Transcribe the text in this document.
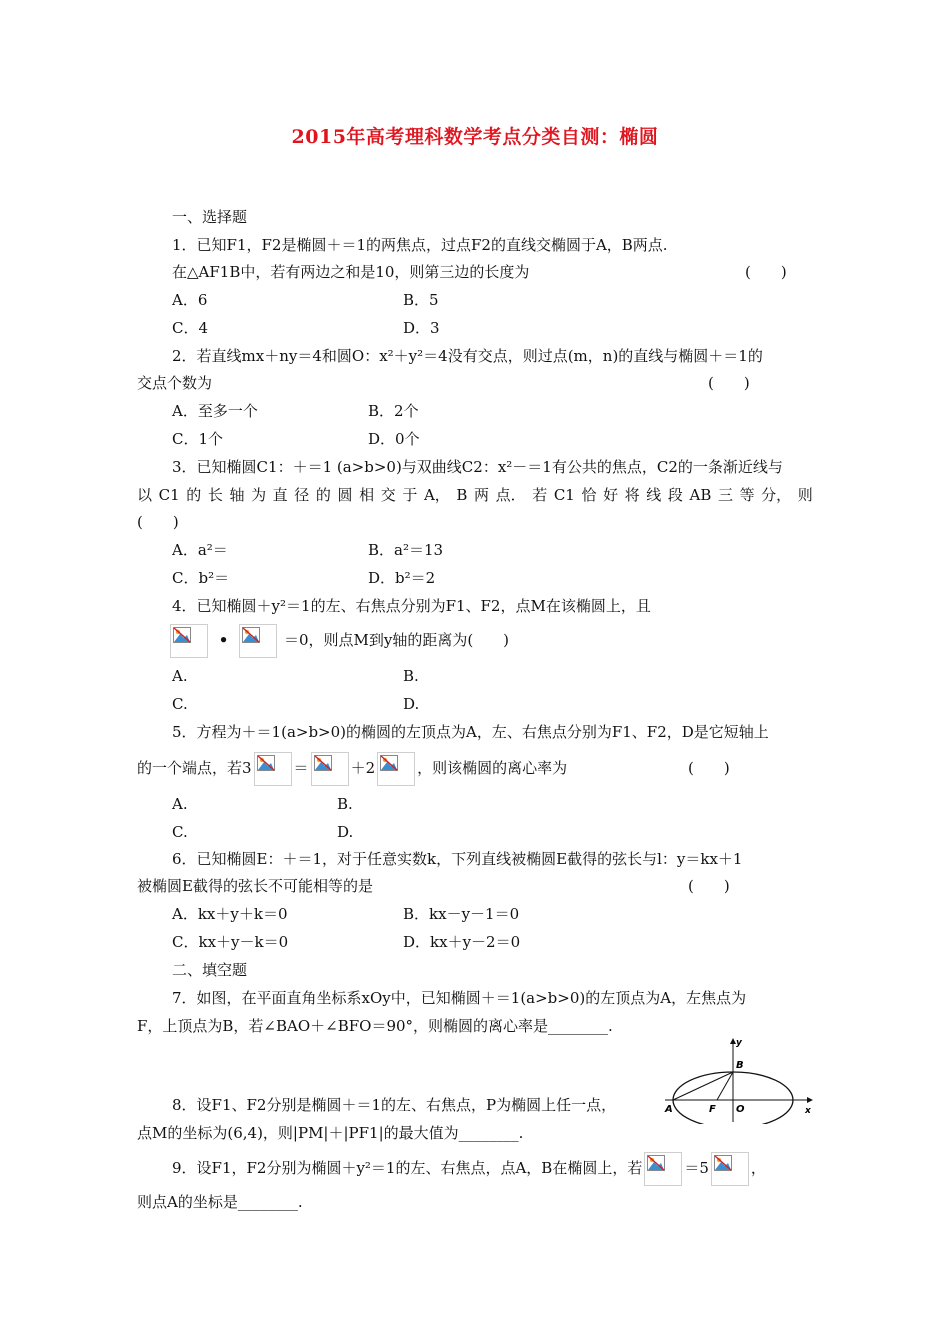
2015年高考理科数学考点分类自测：椭圆
一、选择题
1．已知F1，F2是椭圆＋＝1的两焦点，过点F2的直线交椭圆于A，B两点.
在△AF1B中，若有两边之和是10，则第三边的长度为	(　　)
A．6	B．5
C．4	D．3
2．若直线mx＋ny＝4和圆O：x²＋y²＝4没有交点，则过点(m，n)的直线与椭圆＋＝1的
交点个数为	(　　)
A．至多一个	B．2个
C．1个	D．0个
3．已知椭圆C1：＋＝1 (a>b>0)与双曲线C2：x²－＝1有公共的焦点，C2的一条渐近线与
以 C1 的 长 轴 为 直 径 的 圆 相 交 于 A， B 两 点． 若 C1 恰 好 将 线 段 AB 三 等 分， 则
(　　)
A．a²＝	B．a²＝13
C．b²＝	D．b²＝2
4．已知椭圆＋y²＝1的左、右焦点分别为F1、F2，点M在该椭圆上，且
•	＝0，则点M到y轴的距离为(　　)
A.	B.
C.	D.
5．方程为＋＝1(a>b>0)的椭圆的左顶点为A，左、右焦点分别为F1、F2，D是它短轴上
的一个端点，若3	＝	＋2	，则该椭圆的离心率为	(　　)
A.	B.
C.	D.
6．已知椭圆E：＋＝1，对于任意实数k，下列直线被椭圆E截得的弦长与l：y＝kx＋1
被椭圆E截得的弦长不可能相等的是	(　　)
A．kx＋y＋k＝0	B．kx－y－1＝0
C．kx＋y－k＝0	D．kx＋y－2＝0
二、填空题
7．如图，在平面直角坐标系xOy中，已知椭圆＋＝1(a>b>0)的左顶点为A，左焦点为
F，上顶点为B，若∠BAO＋∠BFO＝90°，则椭圆的离心率是________.
y
B
A	F O	x
8．设F1、F2分别是椭圆＋＝1的左、右焦点，P为椭圆上任一点，
点M的坐标为(6,4)，则|PM|＋|PF1|的最大值为________.
9．设F1，F2分别为椭圆＋y²＝1的左、右焦点，点A，B在椭圆上，若	＝5	，
则点A的坐标是________.
